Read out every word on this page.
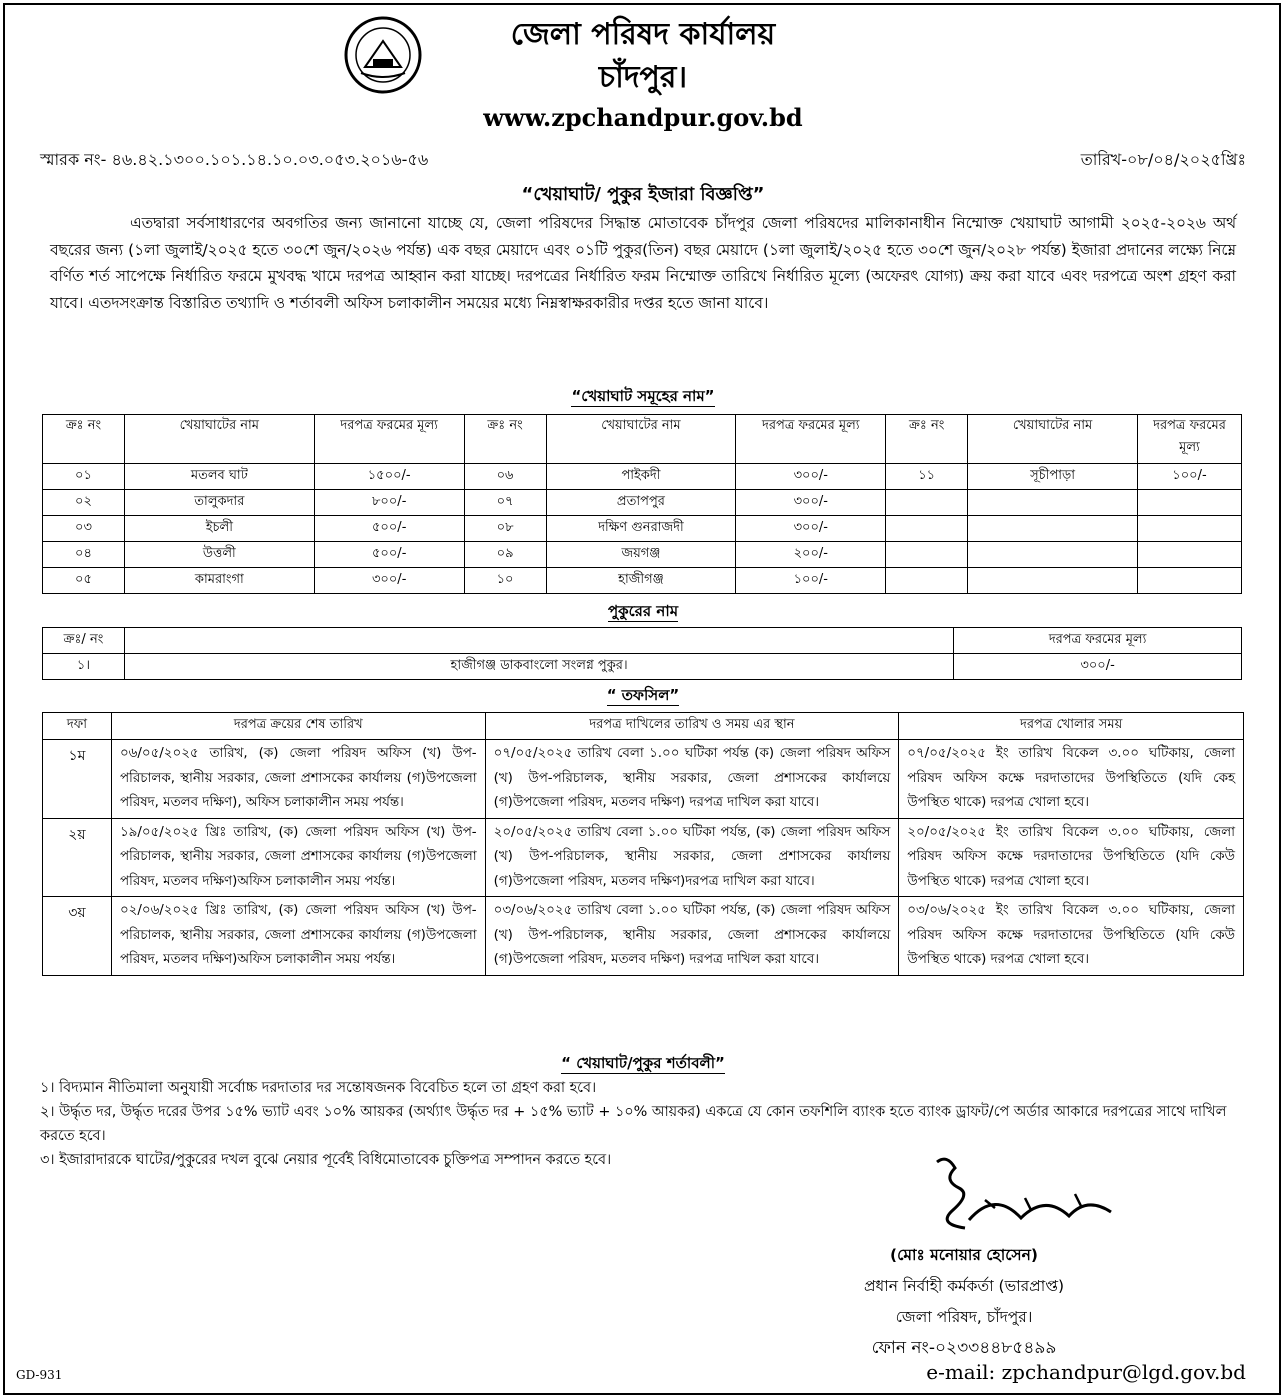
জেলা পরিষদ কার্যালয়
চাঁদপুর।
www.zpchandpur.gov.bd
স্মারক নং- ৪৬.৪২.১৩০০.১০১.১৪.১০.০৩.০৫৩.২০১৬-৫৬	তারিখ-০৮/০৪/২০২৫খ্রিঃ
“খেয়াঘাট/ পুকুর ইজারা বিজ্ঞপ্তি”

এতদ্বারা সর্বসাধারণের অবগতির জন্য জানানো যাচ্ছে যে, জেলা পরিষদের সিদ্ধান্ত মোতাবেক চাঁদপুর জেলা পরিষদের মালিকানাধীন নিম্মোক্ত খেয়াঘাট আগামী ২০২৫-২০২৬ অর্থ বছরের জন্য (১লা জুলাই/২০২৫ হতে ৩০শে জুন/২০২৬ পর্যন্ত) এক বছর মেয়াদে এবং ০১টি পুকুর(তিন) বছর মেয়াদে (১লা জুলাই/২০২৫ হতে ৩০শে জুন/২০২৮ পর্যন্ত) ইজারা প্রদানের লক্ষ্যে নিম্নে বর্ণিত শর্ত সাপেক্ষে নির্ধারিত ফরমে মুখবদ্ধ খামে দরপত্র আহ্বান করা যাচ্ছে। দরপত্রের নির্ধারিত ফরম নিম্মোক্ত তারিখে নির্ধারিত মূল্যে (অফেরৎ যোগ্য) ক্রয় করা যাবে এবং দরপত্রে অংশ গ্রহণ করা যাবে। এতদসংক্রান্ত বিস্তারিত তথ্যাদি ও শর্তাবলী অফিস চলাকালীন সময়ের মধ্যে নিম্নস্বাক্ষরকারীর দপ্তর হতে জানা যাবে।

“খেয়াঘাট সমূহের নাম”
ক্রঃ নং	খেয়াঘাটের নাম	দরপত্র ফরমের মূল্য	ক্রঃ নং	খেয়াঘাটের নাম	দরপত্র ফরমের মূল্য	ক্রঃ নং	খেয়াঘাটের নাম	দরপত্র ফরমের মূল্য
০১	মতলব ঘাট	১৫০০/-	০৬	পাইকদী	৩০০/-	১১	সূচীপাড়া	১০০/-
০২	তালুকদার	৮০০/-	০৭	প্রতাপপুর	৩০০/-			
০৩	ইচলী	৫০০/-	০৮	দক্ষিণ গুনরাজদী	৩০০/-			
০৪	উত্তলী	৫০০/-	০৯	জয়গঞ্জ	২০০/-			
০৫	কামরাংগা	৩০০/-	১০	হাজীগঞ্জ	১০০/-			
পুকুরের নাম
ক্রঃ/ নং		দরপত্র ফরমের মূল্য
১।	হাজীগঞ্জ ডাকবাংলো সংলগ্ন পুকুর।	৩০০/-
“ তফসিল”
দফা	দরপত্র ক্রয়ের শেষ তারিখ	দরপত্র দাখিলের তারিখ ও সময় এর স্থান	দরপত্র খোলার সময়
১ম	০৬/০৫/২০২৫ তারিখ, (ক) জেলা পরিষদ অফিস (খ) উপ-পরিচালক, স্থানীয় সরকার, জেলা প্রশাসকের কার্যালয় (গ)উপজেলা পরিষদ, মতলব দক্ষিণ), অফিস চলাকালীন সময় পর্যন্ত।	০৭/০৫/২০২৫ তারিখ বেলা ১.০০ ঘটিকা পর্যন্ত (ক) জেলা পরিষদ অফিস (খ) উপ-পরিচালক, স্থানীয় সরকার, জেলা প্রশাসকের কার্যালয়ে (গ)উপজেলা পরিষদ, মতলব দক্ষিণ) দরপত্র দাখিল করা যাবে।	০৭/০৫/২০২৫ ইং তারিখ বিকেল ৩.০০ ঘটিকায়, জেলা পরিষদ অফিস কক্ষে দরদাতাদের উপস্থিতিতে (যদি কেহ উপস্থিত থাকে) দরপত্র খোলা হবে।
২য়	১৯/০৫/২০২৫ খ্রিঃ তারিখ, (ক) জেলা পরিষদ অফিস (খ) উপ-পরিচালক, স্থানীয় সরকার, জেলা প্রশাসকের কার্যালয় (গ)উপজেলা পরিষদ, মতলব দক্ষিণ)অফিস চলাকালীন সময় পর্যন্ত।	২০/০৫/২০২৫ তারিখ বেলা ১.০০ ঘটিকা পর্যন্ত, (ক) জেলা পরিষদ অফিস (খ) উপ-পরিচালক, স্থানীয় সরকার, জেলা প্রশাসকের কার্যালয় (গ)উপজেলা পরিষদ, মতলব দক্ষিণ)দরপত্র দাখিল করা যাবে।	২০/০৫/২০২৫ ইং তারিখ বিকেল ৩.০০ ঘটিকায়, জেলা পরিষদ অফিস কক্ষে দরদাতাদের উপস্থিতিতে (যদি কেউ উপস্থিত থাকে) দরপত্র খোলা হবে।
৩য়	০২/০৬/২০২৫ খ্রিঃ তারিখ, (ক) জেলা পরিষদ অফিস (খ) উপ-পরিচালক, স্থানীয় সরকার, জেলা প্রশাসকের কার্যালয় (গ)উপজেলা পরিষদ, মতলব দক্ষিণ)অফিস চলাকালীন সময় পর্যন্ত।	০৩/০৬/২০২৫ তারিখ বেলা ১.০০ ঘটিকা পর্যন্ত, (ক) জেলা পরিষদ অফিস (খ) উপ-পরিচালক, স্থানীয় সরকার, জেলা প্রশাসকের কার্যালয়ে (গ)উপজেলা পরিষদ, মতলব দক্ষিণ) দরপত্র দাখিল করা যাবে।	০৩/০৬/২০২৫ ইং তারিখ বিকেল ৩.০০ ঘটিকায়, জেলা পরিষদ অফিস কক্ষে দরদাতাদের উপস্থিতিতে (যদি কেউ উপস্থিত থাকে) দরপত্র খোলা হবে।
“ খেয়াঘাট/পুকুর শর্তাবলী”

১। বিদ্যমান নীতিমালা অনুযায়ী সর্বোচ্চ দরদাতার দর সন্তোষজনক বিবেচিত হলে তা গ্রহণ করা হবে।

২। উর্দ্ধৃত দর, উর্দ্ধৃত দরের উপর ১৫% ভ্যাট এবং ১০% আয়কর (অর্থ্যাৎ উর্দ্ধৃত দর + ১৫% ভ্যাট + ১০% আয়কর) একত্রে যে কোন তফশিলি ব্যাংক হতে ব্যাংক ড্রাফট/পে অর্ডার আকারে দরপত্রের সাথে দাখিল করতে হবে।

৩। ইজারাদারকে ঘাটের/পুকুরের দখল বুঝে নেয়ার পূর্বেই বিধিমোতাবেক চুক্তিপত্র সম্পাদন করতে হবে।

(মোঃ মনোয়ার হোসেন)
প্রধান নির্বাহী কর্মকর্তা (ভারপ্রাপ্ত)
জেলা পরিষদ, চাঁদপুর।
ফোন নং-০২৩৩৪৪৮৫৪৯৯
e-mail: zpchandpur@lgd.gov.bd
GD-931
